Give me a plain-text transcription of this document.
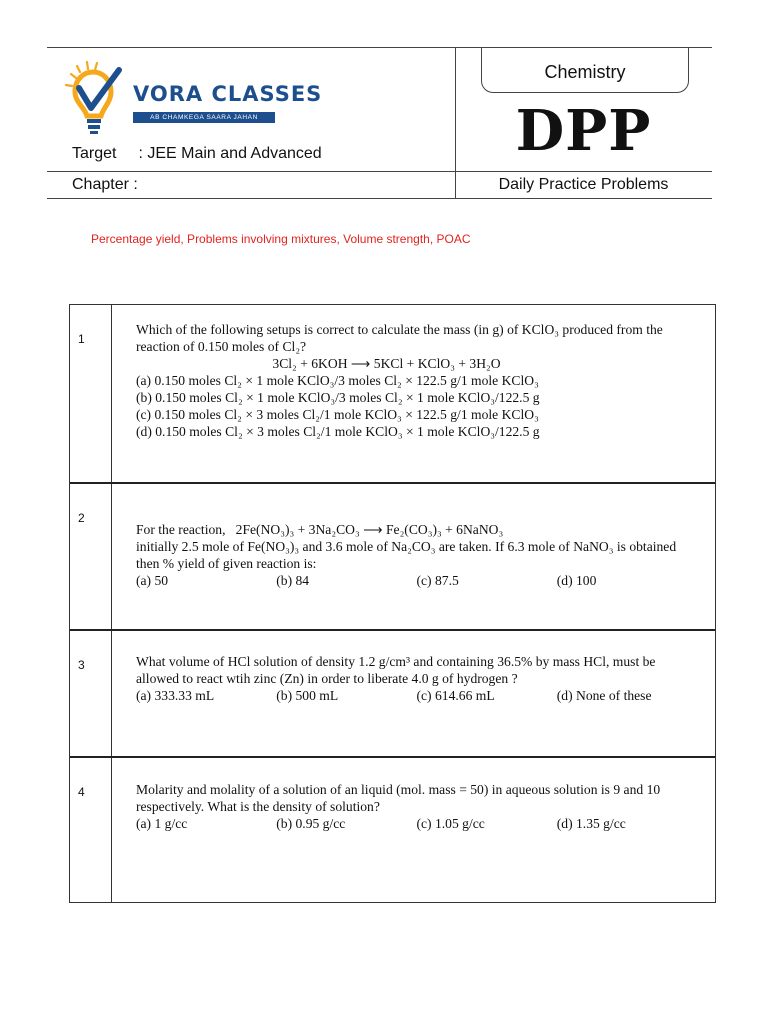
VORA CLASSES
AB CHAMKEGA SAARA JAHAN
Target : JEE Main and Advanced
Chapter :
Chemistry
DPP
Daily Practice Problems
Percentage yield, Problems involving mixtures, Volume strength, POAC
1
Which of the following setups is correct to calculate the mass (in g) of KClO₃ produced from the reaction of 0.150 moles of Cl₂?
3Cl₂ + 6KOH ⟶ 5KCl + KClO₃ + 3H₂O
(a) 0.150 moles Cl₂ × 1 mole KClO₃/3 moles Cl₂ × 122.5 g/1 mole KClO₃
(b) 0.150 moles Cl₂ × 1 mole KClO₃/3 moles Cl₂ × 1 mole KClO₃/122.5 g
(c) 0.150 moles Cl₂ × 3 moles Cl₂/1 mole KClO₃ × 122.5 g/1 mole KClO₃
(d) 0.150 moles Cl₂ × 3 moles Cl₂/1 mole KClO₃ × 1 mole KClO₃/122.5 g
2
For the reaction,   2Fe(NO₃)₃ + 3Na₂CO₃ ⟶ Fe₂(CO₃)₃ + 6NaNO₃
initially 2.5 mole of Fe(NO₃)₃ and 3.6 mole of Na₂CO₃ are taken. If 6.3 mole of NaNO₃ is obtained then % yield of given reaction is:
(a) 50	(b) 84	(c) 87.5	(d) 100
3	What volume of HCl solution of density 1.2 g/cm³ and containing 36.5% by mass HCl, must be allowed to react wtih zinc (Zn) in order to liberate 4.0 g of hydrogen ?
(a) 333.33 mL	(b) 500 mL	(c) 614.66 mL	(d) None of these
4	Molarity and molality of a solution of an liquid (mol. mass = 50) in aqueous solution is 9 and 10 respectively. What is the density of solution?
(a) 1 g/cc	(b) 0.95 g/cc	(c) 1.05 g/cc	(d) 1.35 g/cc
